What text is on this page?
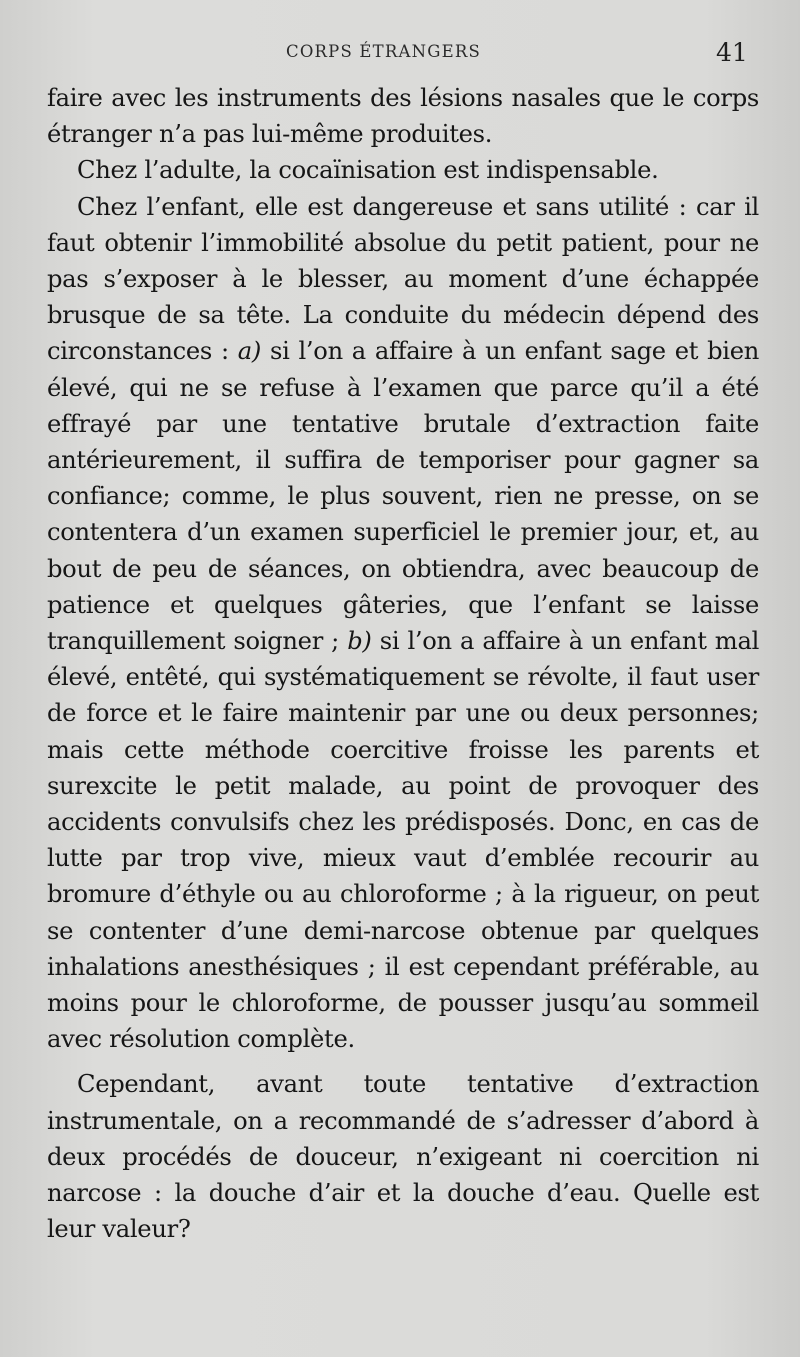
CORPS ÉTRANGERS	41

faire avec les instruments des lésions nasales que le corps étranger n’a pas lui-même produites.

Chez l’adulte, la cocaïnisation est indispensable.

Chez l’enfant, elle est dangereuse et sans utilité : car il faut obtenir l’immobilité absolue du petit patient, pour ne pas s’exposer à le blesser, au moment d’une échappée brusque de sa tête. La conduite du médecin dépend des circonstances : a) si l’on a affaire à un enfant sage et bien élevé, qui ne se refuse à l’examen que parce qu’il a été effrayé par une tentative brutale d’extraction faite antérieurement, il suffira de temporiser pour gagner sa confiance; comme, le plus souvent, rien ne presse, on se contentera d’un examen superficiel le premier jour, et, au bout de peu de séances, on obtiendra, avec beaucoup de patience et quelques gâteries, que l’enfant se laisse tranquillement soigner ; b) si l’on a affaire à un enfant mal élevé, entêté, qui systématiquement se révolte, il faut user de force et le faire maintenir par une ou deux personnes; mais cette méthode coercitive froisse les parents et surexcite le petit malade, au point de provoquer des accidents convulsifs chez les prédisposés. Donc, en cas de lutte par trop vive, mieux vaut d’emblée recourir au bromure d’éthyle ou au chloroforme ; à la rigueur, on peut se contenter d’une demi-narcose obtenue par quelques inhalations anesthésiques ; il est cependant préférable, au moins pour le chloroforme, de pousser jusqu’au sommeil avec résolution complète.

Cependant, avant toute tentative d’extraction instrumentale, on a recommandé de s’adresser d’abord à deux procédés de douceur, n’exigeant ni coercition ni narcose : la douche d’air et la douche d’eau. Quelle est leur valeur?
